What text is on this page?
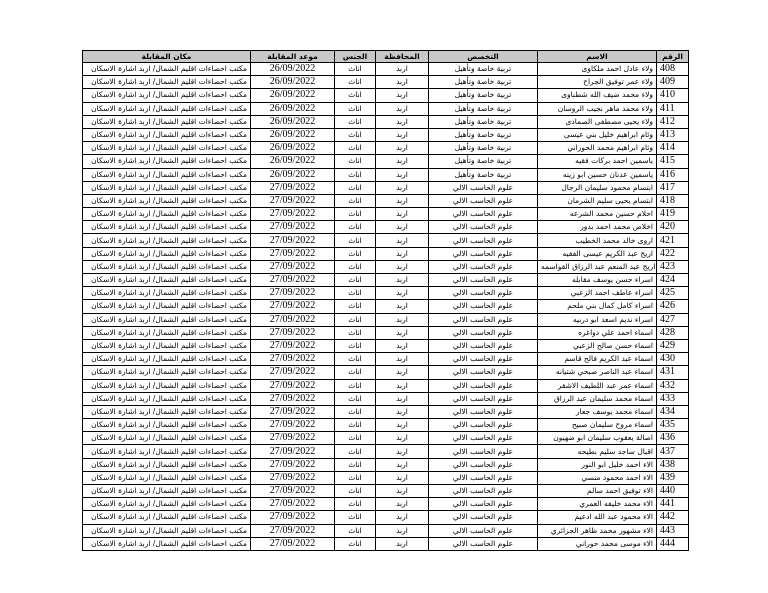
مكان المقابلة	موعد المقابلة	الجنس	المحافظة	التخصص	الاسم	الرقم
مكتب احصاءات اقليم الشمال/ اربد اشارة الاسكان	26/09/2022	اناث	اربد	تربية خاصة وتأهيل	ولاء عادل احمد ملكاوى	408
مكتب احصاءات اقليم الشمال/ اربد اشارة الاسكان	26/09/2022	اناث	اربد	تربية خاصة وتأهيل	ولاء عمر توفيق الجراح	409
مكتب احصاءات اقليم الشمال/ اربد اشارة الاسكان	26/09/2022	اناث	اربد	تربية خاصة وتأهيل	ولاء محمد ضيف الله شطناوى	410
مكتب احصاءات اقليم الشمال/ اربد اشارة الاسكان	26/09/2022	اناث	اربد	تربية خاصة وتأهيل	ولاء محمد ماهر نجيب الروسان	411
مكتب احصاءات اقليم الشمال/ اربد اشارة الاسكان	26/09/2022	اناث	اربد	تربية خاصة وتأهيل	ولاء يحيى مصطفى الصمادى	412
مكتب احصاءات اقليم الشمال/ اربد اشارة الاسكان	26/09/2022	اناث	اربد	تربية خاصة وتأهيل	وئام ابراهيم خليل بني عيسى	413
مكتب احصاءات اقليم الشمال/ اربد اشارة الاسكان	26/09/2022	اناث	اربد	تربية خاصة وتأهيل	وئام ابراهيم محمد الحوراني	414
مكتب احصاءات اقليم الشمال/ اربد اشارة الاسكان	26/09/2022	اناث	اربد	تربية خاصة وتأهيل	ياسمين احمد بركات فقيه	415
مكتب احصاءات اقليم الشمال/ اربد اشارة الاسكان	26/09/2022	اناث	اربد	تربية خاصة وتأهيل	ياسمين عدنان حسين ابو زينه	416
مكتب احصاءات اقليم الشمال/ اربد اشارة الاسكان	27/09/2022	اناث	اربد	علوم الحاسب الالي	ابتسام محمود سليمان الرجال	417
مكتب احصاءات اقليم الشمال/ اربد اشارة الاسكان	27/09/2022	اناث	اربد	علوم الحاسب الالي	ابتسام يحيى سليم الشرمان	418
مكتب احصاءات اقليم الشمال/ اربد اشارة الاسكان	27/09/2022	اناث	اربد	علوم الحاسب الالي	احلام حسين محمد الشرعه	419
مكتب احصاءات اقليم الشمال/ اربد اشارة الاسكان	27/09/2022	اناث	اربد	علوم الحاسب الالي	اخلاص محمد احمد بدور	420
مكتب احصاءات اقليم الشمال/ اربد اشارة الاسكان	27/09/2022	اناث	اربد	علوم الحاسب الالي	اروى خالد محمد الخطيب	421
مكتب احصاءات اقليم الشمال/ اربد اشارة الاسكان	27/09/2022	اناث	اربد	علوم الحاسب الالي	اريج عبد الكريم عيسى الفقيه	422
مكتب احصاءات اقليم الشمال/ اربد اشارة الاسكان	27/09/2022	اناث	اربد	علوم الحاسب الالي	اريج عبد المنعم عبد الرزاق القواسمه	423
مكتب احصاءات اقليم الشمال/ اربد اشارة الاسكان	27/09/2022	اناث	اربد	علوم الحاسب الالي	اسراء حسن يوسف مقابله	424
مكتب احصاءات اقليم الشمال/ اربد اشارة الاسكان	27/09/2022	اناث	اربد	علوم الحاسب الالي	اسراء عاطف احمد الزعبي	425
مكتب احصاءات اقليم الشمال/ اربد اشارة الاسكان	27/09/2022	اناث	اربد	علوم الحاسب الالي	اسراء كامل كمال بني ملحم	426
مكتب احصاءات اقليم الشمال/ اربد اشارة الاسكان	27/09/2022	اناث	اربد	علوم الحاسب الالي	اسراء نديم اسعد ابو دربيه	427
مكتب احصاءات اقليم الشمال/ اربد اشارة الاسكان	27/09/2022	اناث	اربد	علوم الحاسب الالي	اسماء احمد علي دواغره	428
مكتب احصاءات اقليم الشمال/ اربد اشارة الاسكان	27/09/2022	اناث	اربد	علوم الحاسب الالي	اسماء حسن صالح الزعبي	429
مكتب احصاءات اقليم الشمال/ اربد اشارة الاسكان	27/09/2022	اناث	اربد	علوم الحاسب الالي	اسماء عبد الكريم فالح قاسم	430
مكتب احصاءات اقليم الشمال/ اربد اشارة الاسكان	27/09/2022	اناث	اربد	علوم الحاسب الالي	اسماء عبد الناصر صبحي شتيانه	431
مكتب احصاءات اقليم الشمال/ اربد اشارة الاسكان	27/09/2022	اناث	اربد	علوم الحاسب الالي	اسماء عمر عبد اللطيف الاشقر	432
مكتب احصاءات اقليم الشمال/ اربد اشارة الاسكان	27/09/2022	اناث	اربد	علوم الحاسب الالي	اسماء محمد سليمان عبد الرزاق	433
مكتب احصاءات اقليم الشمال/ اربد اشارة الاسكان	27/09/2022	اناث	اربد	علوم الحاسب الالي	اسماء محمد يوسف جعار	434
مكتب احصاءات اقليم الشمال/ اربد اشارة الاسكان	27/09/2022	اناث	اربد	علوم الحاسب الالي	اسماء مروح سليمان صبيح	435
مكتب احصاءات اقليم الشمال/ اربد اشارة الاسكان	27/09/2022	اناث	اربد	علوم الحاسب الالي	اصالة يعقوب سليمان ابو ضهيون	436
مكتب احصاءات اقليم الشمال/ اربد اشارة الاسكان	27/09/2022	اناث	اربد	علوم الحاسب الالي	اقبال ساجد سليم بطيحه	437
مكتب احصاءات اقليم الشمال/ اربد اشارة الاسكان	27/09/2022	اناث	اربد	علوم الحاسب الالي	الاء احمد خليل ابو النور	438
مكتب احصاءات اقليم الشمال/ اربد اشارة الاسكان	27/09/2022	اناث	اربد	علوم الحاسب الالي	الاء احمد محمود منسي	439
مكتب احصاءات اقليم الشمال/ اربد اشارة الاسكان	27/09/2022	اناث	اربد	علوم الحاسب الالي	الاء توفيق احمد سالم	440
مكتب احصاءات اقليم الشمال/ اربد اشارة الاسكان	27/09/2022	اناث	اربد	علوم الحاسب الالي	الاء محمد خليفه العمري	441
مكتب احصاءات اقليم الشمال/ اربد اشارة الاسكان	27/09/2022	اناث	اربد	علوم الحاسب الالي	الاء محمود عبد الله ادعيم	442
مكتب احصاءات اقليم الشمال/ اربد اشارة الاسكان	27/09/2022	اناث	اربد	علوم الحاسب الالي	الاء مشهور محمد ظاهر الجزائري	443
مكتب احصاءات اقليم الشمال/ اربد اشارة الاسكان	27/09/2022	اناث	اربد	علوم الحاسب الالي	الاء موسى محمد حوراني	444
